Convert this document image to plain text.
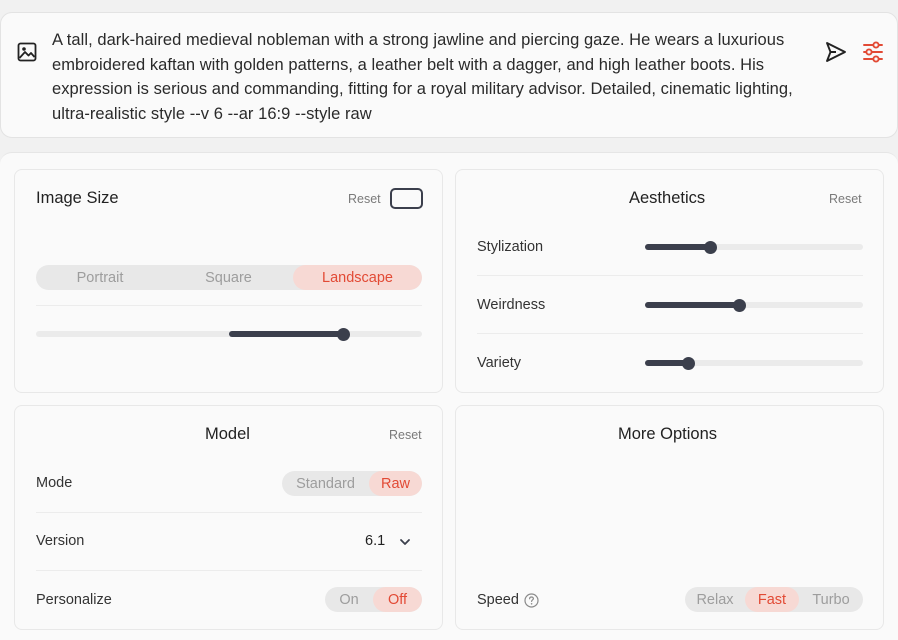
A tall, dark-haired medieval nobleman with a strong jawline and piercing gaze. He wears a luxurious embroidered kaftan with golden patterns, a leather belt with a dagger, and high leather boots. His expression is serious and commanding, fitting for a royal military advisor. Detailed, cinematic lighting, ultra-realistic style --v 6 --ar 16:9 --style raw
Image Size	Reset
Portrait	Square	Landscape
Aesthetics	Reset
Stylization
Weirdness
Variety
Model	Reset
Mode	Standard	Raw
Version	6.1
Personalize	On	Off
More Options
Speed	Relax	Fast	Turbo
